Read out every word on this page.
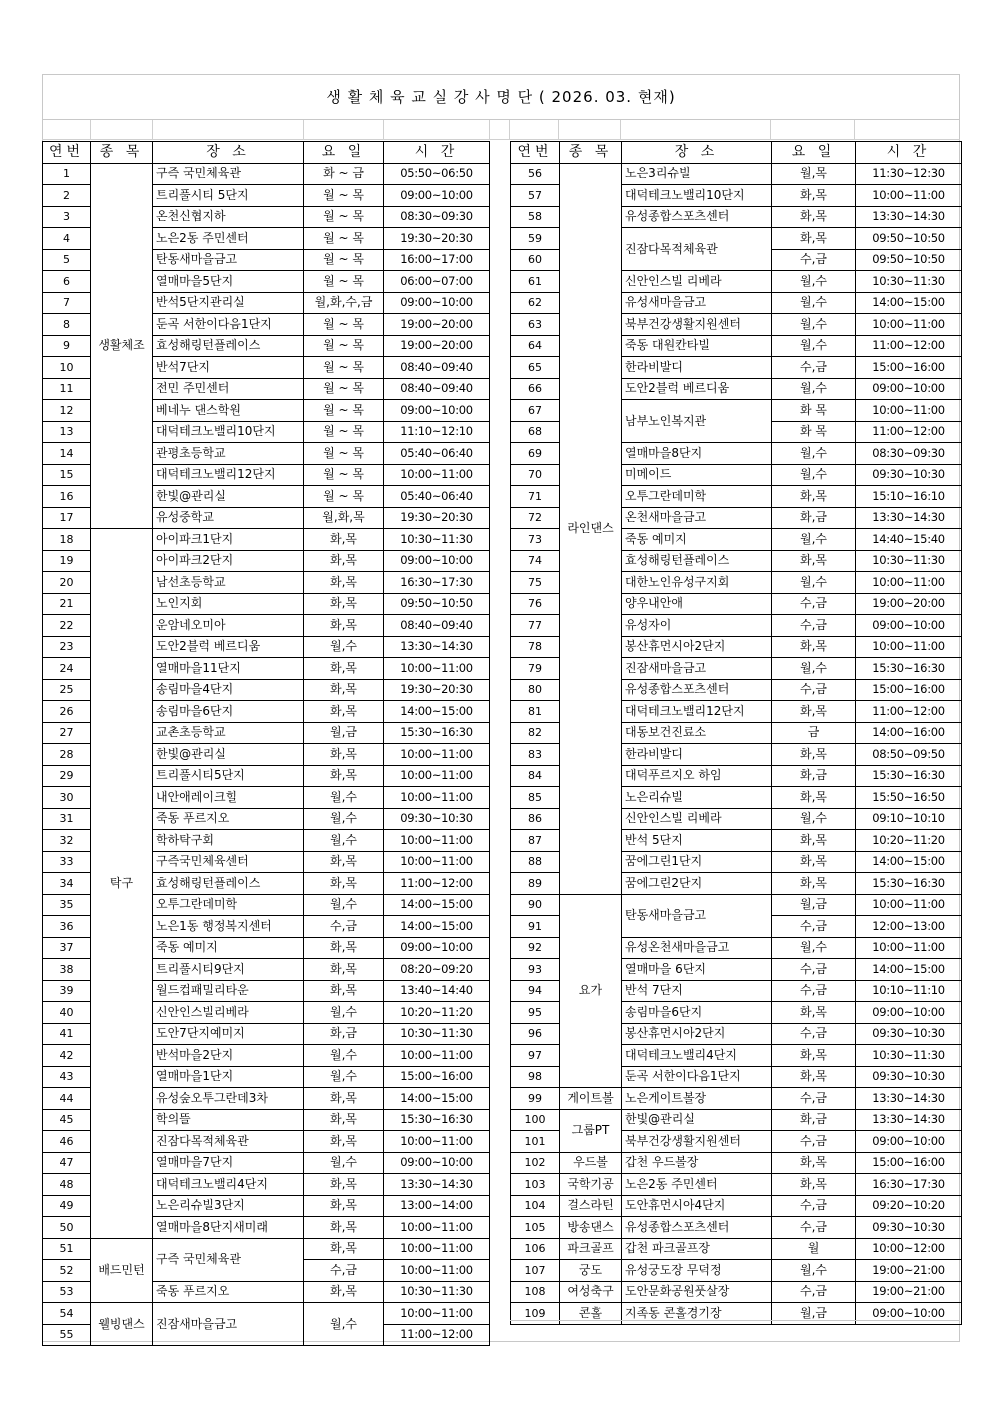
생 활 체 육 교 실 강 사 명 단 ( 2026. 03. 현재)
연번	종 목	장 소	요 일	시 간
1	생활체조	구즉 국민체육관	화 ~ 금	05:50~06:50
2		트리풀시티 5단지	월 ~ 목	09:00~10:00
3		온천신협지하	월 ~ 목	08:30~09:30
4		노은2동 주민센터	월 ~ 목	19:30~20:30
5		탄동새마을금고	월 ~ 목	16:00~17:00
6		열매마을5단지	월 ~ 목	06:00~07:00
7		반석5단지관리실	월,화,수,금	09:00~10:00
8		둔곡 서한이다음1단지	월 ~ 목	19:00~20:00
9		효성해링턴플레이스	월 ~ 목	19:00~20:00
10		반석7단지	월 ~ 목	08:40~09:40
11		전민 주민센터	월 ~ 목	08:40~09:40
12		베네누 댄스학원	월 ~ 목	09:00~10:00
13		대덕테크노밸리10단지	월 ~ 목	11:10~12:10
14		관평초등학교	월 ~ 목	05:40~06:40
15		대덕테크노밸리12단지	월 ~ 목	10:00~11:00
16		한빛@관리실	월 ~ 목	05:40~06:40
17		유성중학교	월,화,목	19:30~20:30
18	탁구	아이파크1단지	화,목	10:30~11:30
19		아이파크2단지	화,목	09:00~10:00
20		남선초등학교	화,목	16:30~17:30
21		노인지회	화,목	09:50~10:50
22		운암네오미아	화,목	08:40~09:40
23		도안2블럭 베르디움	월,수	13:30~14:30
24		열매마을11단지	화,목	10:00~11:00
25		송림마을4단지	화,목	19:30~20:30
26		송림마을6단지	화,목	14:00~15:00
27		교촌초등학교	월,금	15:30~16:30
28		한빛@관리실	화,목	10:00~11:00
29		트리풀시티5단지	화,목	10:00~11:00
30		내안애레이크힐	월,수	10:00~11:00
31		죽동 푸르지오	월,수	09:30~10:30
32		학하탁구회	월,수	10:00~11:00
33		구즉국민체육센터	화,목	10:00~11:00
34		효성해링턴플레이스	화,목	11:00~12:00
35		오투그란데미학	월,수	14:00~15:00
36		노은1동 행정복지센터	수,금	14:00~15:00
37		죽동 예미지	화,목	09:00~10:00
38		트리풀시티9단지	화,목	08:20~09:20
39		월드컵패밀리타운	화,목	13:40~14:40
40		신안인스빌리베라	월,수	10:20~11:20
41		도안7단지예미지	화,금	10:30~11:30
42		반석마을2단지	월,수	10:00~11:00
43		열매마을1단지	월,수	15:00~16:00
44		유성숲오투그란데3차	화,목	14:00~15:00
45		학의뜰	화,목	15:30~16:30
46		진잠다목적체육관	화,목	10:00~11:00
47		열매마을7단지	월,수	09:00~10:00
48		대덕테크노밸리4단지	화,목	13:30~14:30
49		노은리슈빌3단지	화,목	13:00~14:00
50		열매마을8단지새미래	화,목	10:00~11:00
51	배드민턴	구즉 국민체육관	화,목	10:00~11:00
52			수,금	10:00~11:00
53		죽동 푸르지오	화,목	10:30~11:30
54	웰빙댄스	진잠새마을금고	월,수	10:00~11:00
55				11:00~12:00
연번	종 목	장 소	요 일	시 간
56	라인댄스	노은3리슈빌	월,목	11:30~12:30
57		대덕테크노밸리10단지	화,목	10:00~11:00
58		유성종합스포츠센터	화,목	13:30~14:30
59		진잠다목적체육관	화,목	09:50~10:50
60			수,금	09:50~10:50
61		신안인스빌 리베라	월,수	10:30~11:30
62		유성새마을금고	월,수	14:00~15:00
63		북부건강생활지원센터	월,수	10:00~11:00
64		죽동 대원칸타빌	월,수	11:00~12:00
65		한라비발디	수,금	15:00~16:00
66		도안2블럭 베르디움	월,수	09:00~10:00
67		남부노인복지관	화 목	10:00~11:00
68			화 목	11:00~12:00
69		열매마을8단지	월,수	08:30~09:30
70		미메이드	월,수	09:30~10:30
71		오투그란데미학	화,목	15:10~16:10
72		온천새마을금고	화,금	13:30~14:30
73		죽동 예미지	월,수	14:40~15:40
74		효성해링턴플레이스	화,목	10:30~11:30
75		대한노인유성구지회	월,수	10:00~11:00
76		양우내안애	수,금	19:00~20:00
77		유성자이	수,금	09:00~10:00
78		봉산휴먼시아2단지	화,목	10:00~11:00
79		진잠새마을금고	월,수	15:30~16:30
80		유성종합스포츠센터	수,금	15:00~16:00
81		대덕테크노밸리12단지	화,목	11:00~12:00
82		대동보건진료소	금	14:00~16:00
83		한라비발디	화,목	08:50~09:50
84		대덕푸르지오 하임	화,금	15:30~16:30
85		노은리슈빌	화,목	15:50~16:50
86		신안인스빌 리베라	월,수	09:10~10:10
87		반석 5단지	화,목	10:20~11:20
88		꿈에그린1단지	화,목	14:00~15:00
89		꿈에그린2단지	화,목	15:30~16:30
90	요가	탄동새마을금고	월,금	10:00~11:00
91			수,금	12:00~13:00
92		유성온천새마을금고	월,수	10:00~11:00
93		열매마을 6단지	수,금	14:00~15:00
94		반석 7단지	수,금	10:10~11:10
95		송림마을6단지	화,목	09:00~10:00
96		봉산휴먼시아2단지	수,금	09:30~10:30
97		대덕테크노밸리4단지	화,목	10:30~11:30
98		둔곡 서한이다음1단지	화,목	09:30~10:30
99	게이트볼	노은게이트볼장	수,금	13:30~14:30
100	그룹PT	한빛@관리실	화,금	13:30~14:30
101		북부건강생활지원센터	수,금	09:00~10:00
102	우드볼	갑천 우드볼장	화,목	15:00~16:00
103	국학기공	노은2동 주민센터	화,목	16:30~17:30
104	걸스라틴	도안휴먼시아4단지	수,금	09:20~10:20
105	방송댄스	유성종합스포츠센터	수,금	09:30~10:30
106	파크골프	갑천 파크골프장	월	10:00~12:00
107	궁도	유성궁도장 무덕정	월,수	19:00~21:00
108	여성축구	도안문화공원풋살장	수,금	19:00~21:00
109	콘홀	지족동 콘홀경기장	월,금	09:00~10:00
